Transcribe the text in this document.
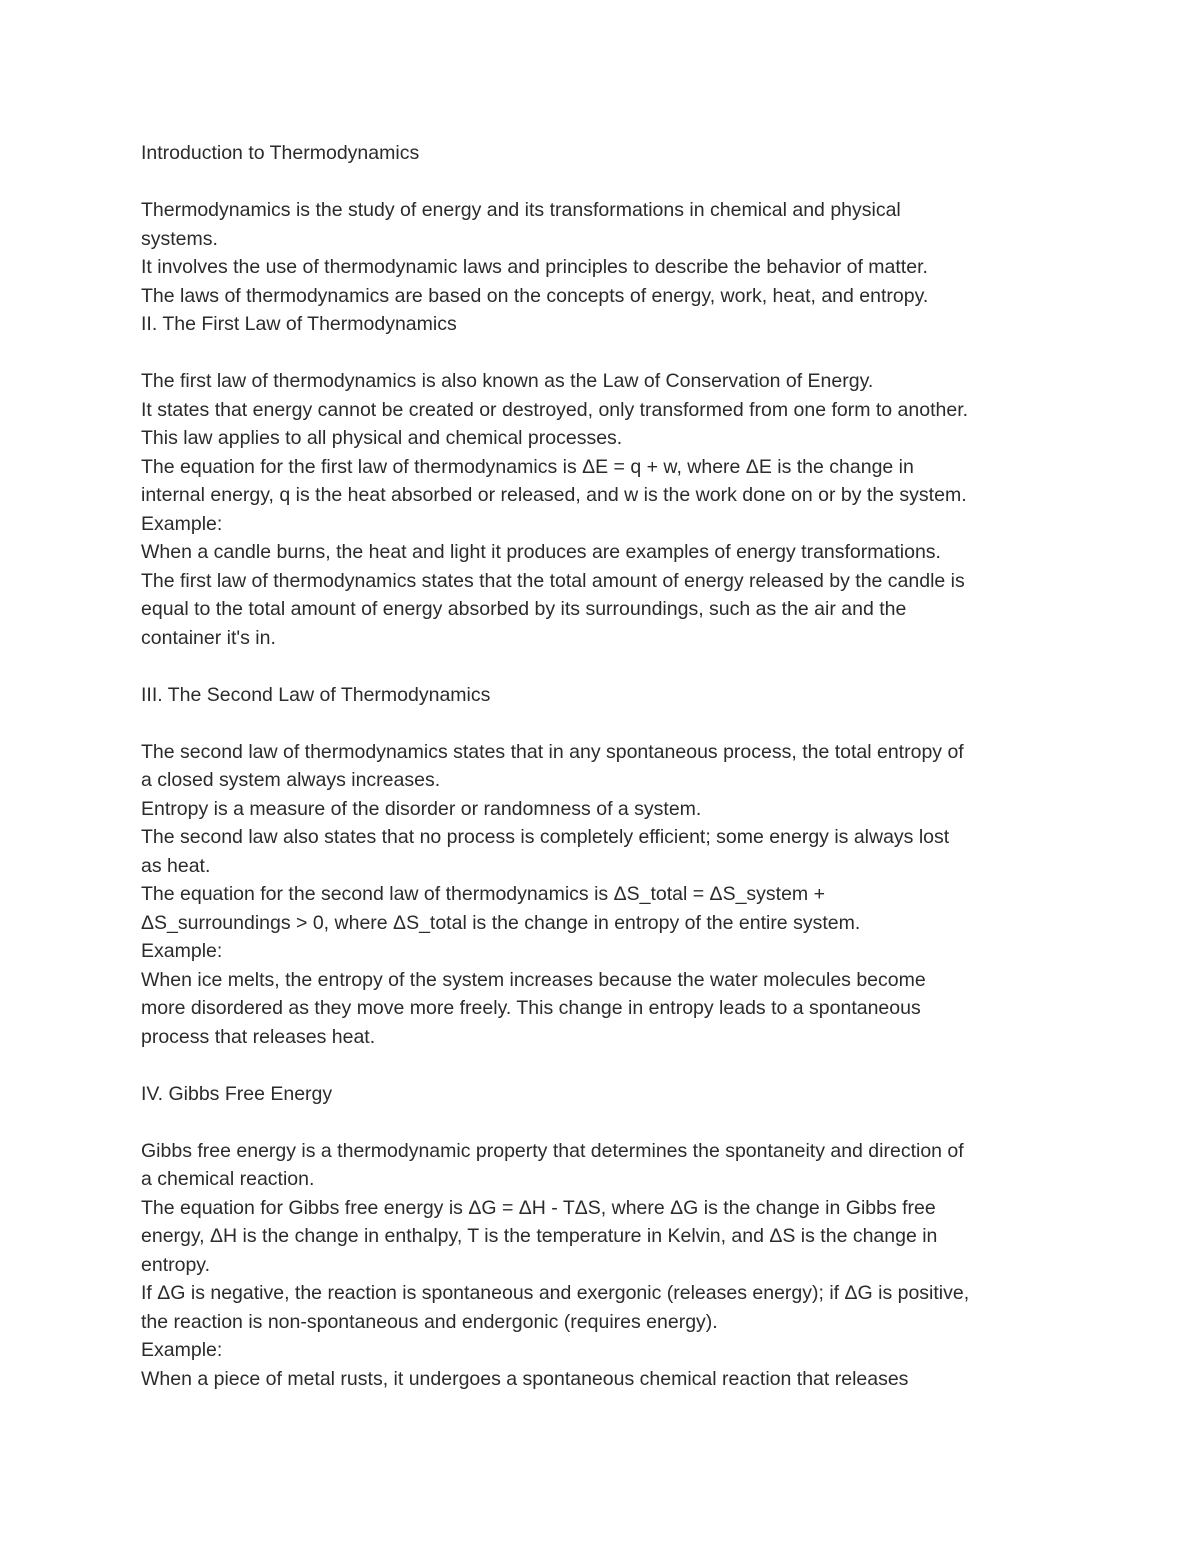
Introduction to Thermodynamics

Thermodynamics is the study of energy and its transformations in chemical and physical

systems.

It involves the use of thermodynamic laws and principles to describe the behavior of matter.

The laws of thermodynamics are based on the concepts of energy, work, heat, and entropy.

II. The First Law of Thermodynamics

The first law of thermodynamics is also known as the Law of Conservation of Energy.

It states that energy cannot be created or destroyed, only transformed from one form to another.

This law applies to all physical and chemical processes.

The equation for the first law of thermodynamics is ΔE = q + w, where ΔE is the change in

internal energy, q is the heat absorbed or released, and w is the work done on or by the system.

Example:

When a candle burns, the heat and light it produces are examples of energy transformations.

The first law of thermodynamics states that the total amount of energy released by the candle is

equal to the total amount of energy absorbed by its surroundings, such as the air and the

container it's in.

III. The Second Law of Thermodynamics

The second law of thermodynamics states that in any spontaneous process, the total entropy of

a closed system always increases.

Entropy is a measure of the disorder or randomness of a system.

The second law also states that no process is completely efficient; some energy is always lost

as heat.

The equation for the second law of thermodynamics is ΔS_total = ΔS_system +

ΔS_surroundings > 0, where ΔS_total is the change in entropy of the entire system.

Example:

When ice melts, the entropy of the system increases because the water molecules become

more disordered as they move more freely. This change in entropy leads to a spontaneous

process that releases heat.

IV. Gibbs Free Energy

Gibbs free energy is a thermodynamic property that determines the spontaneity and direction of

a chemical reaction.

The equation for Gibbs free energy is ΔG = ΔH - TΔS, where ΔG is the change in Gibbs free

energy, ΔH is the change in enthalpy, T is the temperature in Kelvin, and ΔS is the change in

entropy.

If ΔG is negative, the reaction is spontaneous and exergonic (releases energy); if ΔG is positive,

the reaction is non-spontaneous and endergonic (requires energy).

Example:

When a piece of metal rusts, it undergoes a spontaneous chemical reaction that releases
